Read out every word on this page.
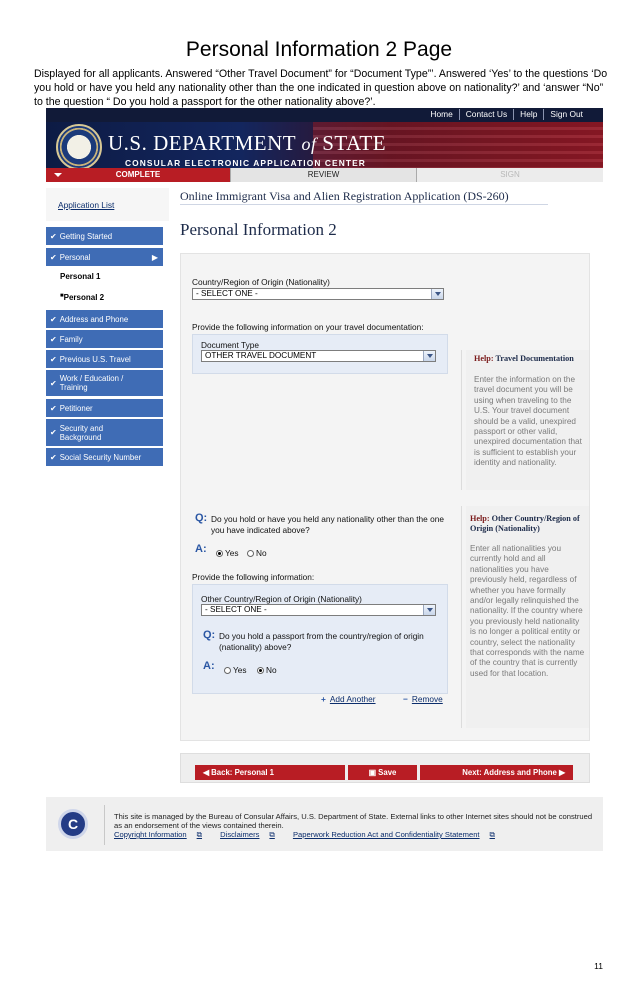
Personal Information 2 Page
Displayed for all applicants. Answered “Other Travel Document” for “Document Type”’. Answered ‘Yes’ to the questions ‘Do you hold or have you held any nationality other than the one indicated in question above on nationality?’ and ‘answer “No” to the question “ Do you hold a passport for the other nationality above?’.
Home	Contact Us	Help	Sign Out
U.S. DEPARTMENT of STATE
CONSULAR ELECTRONIC APPLICATION CENTER
COMPLETE	REVIEW	SIGN
Application List
✔ Getting Started
✔ Personal	▶
Personal 1
■Personal 2
✔ Address and Phone
✔ Family
✔ Previous U.S. Travel
✔ Work / Education / Training
✔ Petitioner
✔ Security and Background
✔ Social Security Number
Online Immigrant Visa and Alien Registration Application (DS-260)
Personal Information 2
Country/Region of Origin (Nationality)
- SELECT ONE -
Provide the following information on your travel documentation:
Document Type
OTHER TRAVEL DOCUMENT	Help: Travel Documentation
Enter the information on the travel document you will be using when traveling to the U.S. Your travel document should be a valid, unexpired passport or other valid, unexpired documentation that is sufficient to establish your identity and nationality.
Q: Do you hold or have you held any nationality other than the one you have indicated above?
A:	Yes	No
Provide the following information:
Other Country/Region of Origin (Nationality)
- SELECT ONE -
Q: Do you hold a passport from the country/region of origin (nationality) above?
A:	Yes	No
+ Add Another	− Remove
Help: Other Country/Region of Origin (Nationality)
Enter all nationalities you currently hold and all nationalities you have previously held, regardless of whether you have formally and/or legally relinquished the nationality. If the country where you previously held nationality is no longer a political entity or country, select the nationality that corresponds with the name of the country that is currently used for that location.
◀ Back: Personal 1	▣ Save	Next: Address and Phone ▶
C	This site is managed by the Bureau of Consular Affairs, U.S. Department of State. External links to other Internet sites should not be construed as an endorsement of the views contained therein.
Copyright Information ⧉ Disclaimers ⧉ Paperwork Reduction Act and Confidentiality Statement ⧉
11
